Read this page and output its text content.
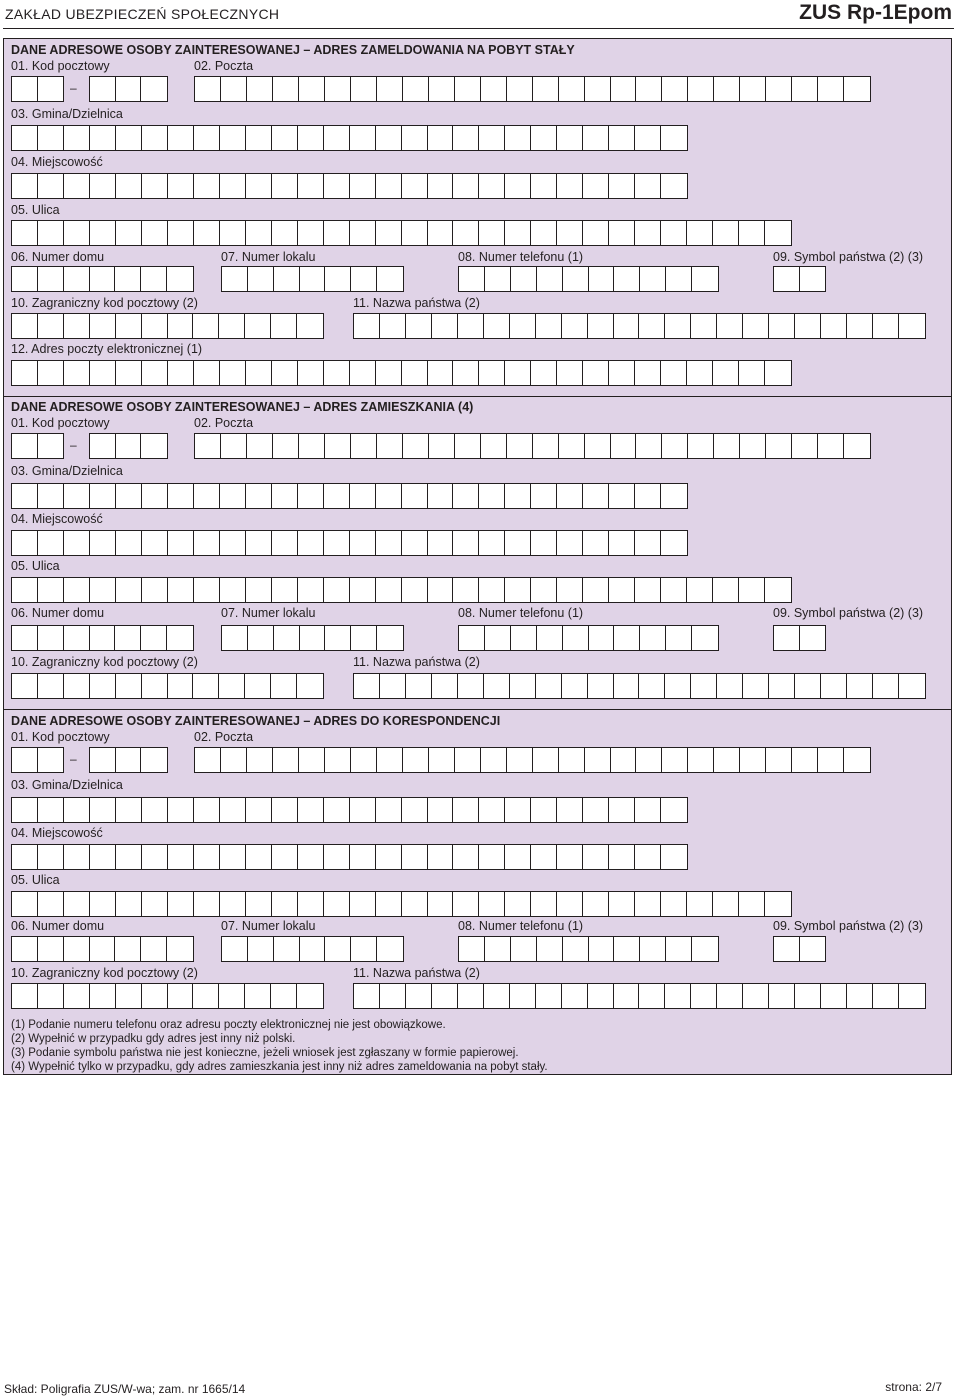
ZAKŁAD UBEZPIECZEŃ SPOŁECZNYCH	ZUS Rp-1Epom
(1) Podanie numeru telefonu oraz adresu poczty elektronicznej nie jest obowiązkowe.
(2) Wypełnić w przypadku gdy adres jest inny niż polski.
(3) Podanie symbolu państwa nie jest konieczne, jeżeli wniosek jest zgłaszany w formie papierowej.
(4) Wypełnić tylko w przypadku, gdy adres zamieszkania jest inny niż adres zameldowania na pobyt stały.
DANE ADRESOWE OSOBY ZAINTERESOWANEJ – ADRES ZAMELDOWANIA NA POBYT STAŁY
01. Kod pocztowy	02. Poczta
–
03. Gmina/Dzielnica
04. Miejscowość
05. Ulica
06. Numer domu	07. Numer lokalu	08. Numer telefonu (1)	09. Symbol państwa (2) (3)
10. Zagraniczny kod pocztowy (2)	11. Nazwa państwa (2)
12. Adres poczty elektronicznej (1)
DANE ADRESOWE OSOBY ZAINTERESOWANEJ – ADRES ZAMIESZKANIA (4)
01. Kod pocztowy	02. Poczta
–
03. Gmina/Dzielnica
04. Miejscowość
05. Ulica
06. Numer domu	07. Numer lokalu	08. Numer telefonu (1)	09. Symbol państwa (2) (3)
10. Zagraniczny kod pocztowy (2)	11. Nazwa państwa (2)
DANE ADRESOWE OSOBY ZAINTERESOWANEJ – ADRES DO KORESPONDENCJI
01. Kod pocztowy	02. Poczta
–
03. Gmina/Dzielnica
04. Miejscowość
05. Ulica
06. Numer domu	07. Numer lokalu	08. Numer telefonu (1)	09. Symbol państwa (2) (3)
10. Zagraniczny kod pocztowy (2)	11. Nazwa państwa (2)
Skład: Poligrafia ZUS/W-wa; zam. nr 1665/14	strona: 2/7
